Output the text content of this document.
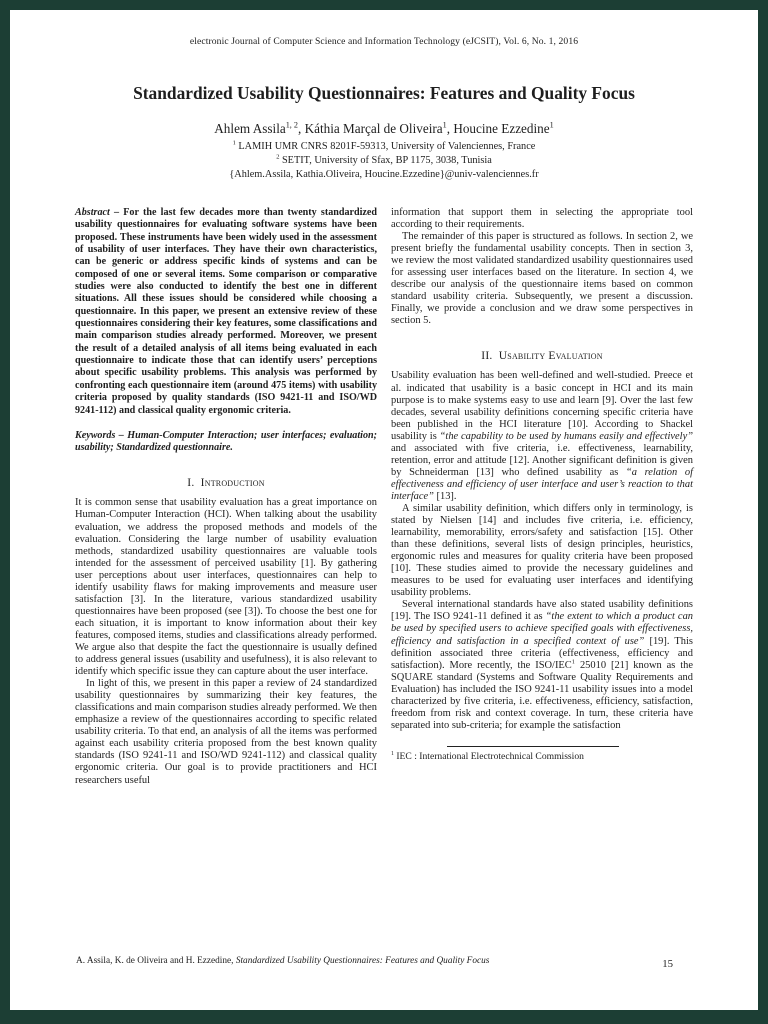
electronic Journal of Computer Science and Information Technology (eJCSIT), Vol. 6, No. 1, 2016
Standardized Usability Questionnaires: Features and Quality Focus
Ahlem Assila$^{1, 2}$, Káthia Marçal de Oliveira$^1$, Houcine Ezzedine$^1$
$^1$ LAMIH UMR CNRS 8201F-59313, University of Valenciennes, France
$^2$ SETIT, University of Sfax, BP 1175, 3038, Tunisia
{Ahlem.Assila, Kathia.Oliveira, Houcine.Ezzedine}@univ-valenciennes.fr

Abstract – For the last few decades more than twenty standardized usability questionnaires for evaluating software systems have been proposed. These instruments have been widely used in the assessment of usability of user interfaces. They have their own characteristics, can be generic or address specific kinds of systems and can be composed of one or several items. Some comparison or comparative studies were also conducted to identify the best one in different situations. All these issues should be considered while choosing a questionnaire. In this paper, we present an extensive review of these questionnaires considering their key features, some classifications and main comparison studies already performed. Moreover, we present the result of a detailed analysis of all items being evaluated in each questionnaire to indicate those that can identify users’ perceptions about specific usability problems. This analysis was performed by confronting each questionnaire item (around 475 items) with usability criteria proposed by quality standards (ISO 9421-11 and ISO/WD 9241-112) and classical quality ergonomic criteria.

Keywords – Human-Computer Interaction; user interfaces; evaluation; usability; Standardized questionnaire.

I.  Introduction

It is common sense that usability evaluation has a great importance on Human-Computer Interaction (HCI). When talking about the usability evaluation, we address the proposed methods and models of the evaluation. Considering the large number of usability evaluation methods, standardized usability questionnaires are valuable tools intended for the assessment of perceived usability [1]. By gathering user perceptions about user interfaces, questionnaires can help to identify usability flaws for making improvements and measure user satisfaction [3]. In the literature, various standardized usability questionnaires have been proposed (see [3]). To choose the best one for each situation, it is important to know information about their key features, composed items, studies and classifications already performed. We argue also that despite the fact the questionnaire is usually defined to address general issues (usability and usefulness), it is also relevant to identify which specific issue they can capture about the user interface.

In light of this, we present in this paper a review of 24 standardized usability questionnaires by summarizing their key features, the classifications and main comparison studies already performed. We then emphasize a review of the questionnaires according to specific related usability criteria. To that end, an analysis of all the items was performed against each usability criteria proposed from the best known quality standards (ISO 9241-11 and ISO/WD 9241-112) and classical quality ergonomic criteria. Our goal is to provide practitioners and HCI researchers useful

information that support them in selecting the appropriate tool according to their requirements.

The remainder of this paper is structured as follows. In section 2, we present briefly the fundamental usability concepts. Then in section 3, we review the most validated standardized usability questionnaires used for assessing user interfaces based on the literature. In section 4, we describe our analysis of the questionnaire items based on common standard usability criteria. Subsequently, we present a discussion. Finally, we provide a conclusion and we draw some perspectives in section 5.

II.  Usability Evaluation

Usability evaluation has been well-defined and well-studied. Preece et al. indicated that usability is a basic concept in HCI and its main purpose is to make systems easy to use and learn [9]. Over the last few decades, several usability definitions concerning specific criteria have been published in the HCI literature [10]. According to Shackel usability is “the capability to be used by humans easily and effectively” and associated with five criteria, i.e. effectiveness, learnability, retention, error and attitude [12]. Another significant definition is given by Schneiderman [13] who defined usability as “a relation of effectiveness and efficiency of user interface and user’s reaction to that interface” [13].

A similar usability definition, which differs only in terminology, is stated by Nielsen [14] and includes five criteria, i.e. efficiency, learnability, memorability, errors/safety and satisfaction [15]. Other than these definitions, several lists of design principles, heuristics, ergonomic rules and measures for quality criteria have been proposed [10]. These studies aimed to provide the necessary guidelines and measures to be used for evaluating user interfaces and identifying usability problems.

Several international standards have also stated usability definitions [19]. The ISO 9241-11 defined it as “the extent to which a product can be used by specified users to achieve specified goals with effectiveness, efficiency and satisfaction in a specified context of use” [19]. This definition associated three criteria (effectiveness, efficiency and satisfaction). More recently, the ISO/IEC$^1$ 25010 [21] known as the SQUARE standard (Systems and Software Quality Requirements and Evaluation) has included the ISO 9241-11 usability issues into a model characterized by five criteria, i.e. effectiveness, efficiency, satisfaction, freedom from risk and context coverage. In turn, these criteria have separated into sub-criteria; for example the satisfaction

$^1$ IEC : International Electrotechnical Commission

A. Assila, K. de Oliveira and H. Ezzedine, Standardized Usability Questionnaires: Features and Quality Focus	15
